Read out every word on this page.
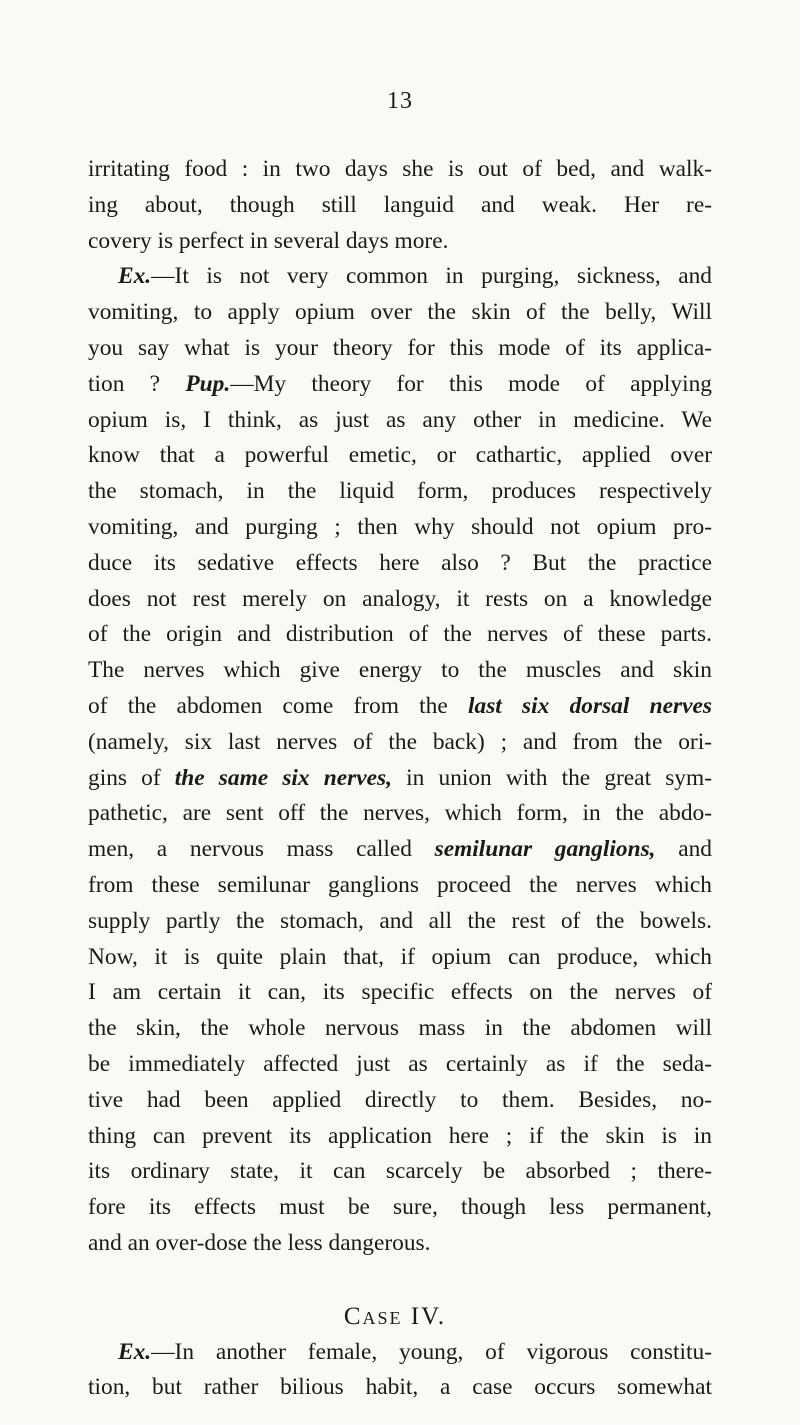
13
irritating food : in two days she is out of bed, and walk-
ing about, though still languid and weak. Her re-
covery is perfect in several days more.
Ex.—It is not very common in purging, sickness, and
vomiting, to apply opium over the skin of the belly, Will
you say what is your theory for this mode of its applica-
tion ? Pup.—My theory for this mode of applying
opium is, I think, as just as any other in medicine. We
know that a powerful emetic, or cathartic, applied over
the stomach, in the liquid form, produces respectively
vomiting, and purging ; then why should not opium pro-
duce its sedative effects here also ? But the practice
does not rest merely on analogy, it rests on a knowledge
of the origin and distribution of the nerves of these parts.
The nerves which give energy to the muscles and skin
of the abdomen come from the last six dorsal nerves
(namely, six last nerves of the back) ; and from the ori-
gins of the same six nerves, in union with the great sym-
pathetic, are sent off the nerves, which form, in the abdo-
men, a nervous mass called semilunar ganglions, and
from these semilunar ganglions proceed the nerves which
supply partly the stomach, and all the rest of the bowels.
Now, it is quite plain that, if opium can produce, which
I am certain it can, its specific effects on the nerves of
the skin, the whole nervous mass in the abdomen will
be immediately affected just as certainly as if the seda-
tive had been applied directly to them. Besides, no-
thing can prevent its application here ; if the skin is in
its ordinary state, it can scarcely be absorbed ; there-
fore its effects must be sure, though less permanent,
and an over-dose the less dangerous.
Case IV.
Ex.—In another female, young, of vigorous constitu-
tion, but rather bilious habit, a case occurs somewhat
